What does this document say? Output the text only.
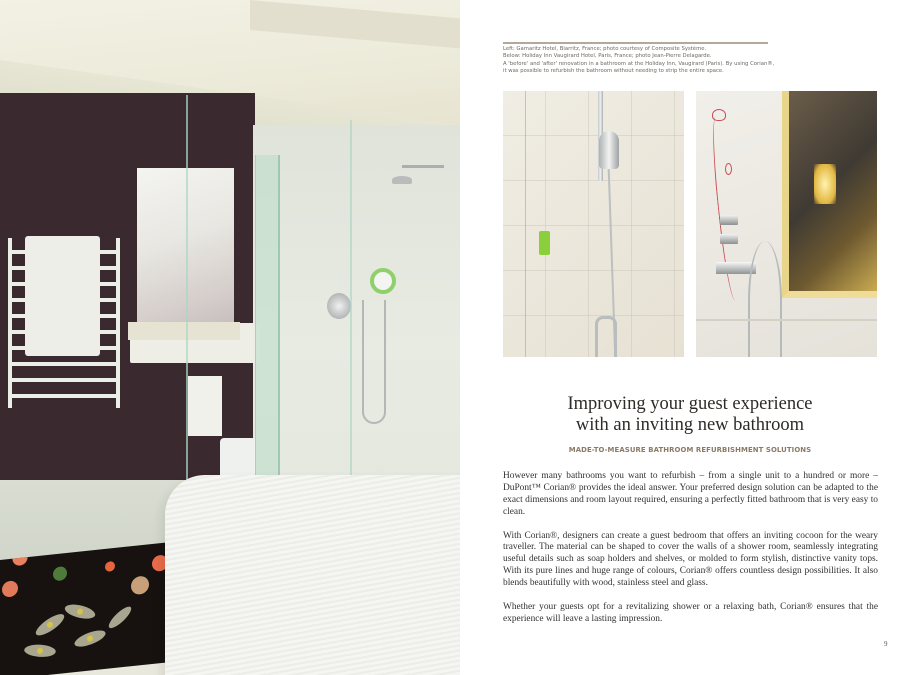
Left: Gamaritz Hotel, Biarritz, France; photo courtesy of Composite Système.
Below: Holiday Inn Vaugirard Hotel, Paris, France; photo Jean-Pierre Delagarde.
A 'before' and 'after' renovation in a bathroom at the Holiday Inn, Vaugirard (Paris). By using Corian®,
it was possible to refurbish the bathroom without needing to strip the entire space.
Improving your guest experience
with an inviting new bathroom
MADE-TO-MEASURE BATHROOM REFURBISHMENT SOLUTIONS

However many bathrooms you want to refurbish – from a single unit to a hundred or more – DuPont™ Corian® provides the ideal answer. Your preferred design solution can be adapted to the exact dimensions and room layout required, ensuring a perfectly fitted bathroom that is very easy to clean.

With Corian®, designers can create a guest bedroom that offers an inviting cocoon for the weary traveller. The material can be shaped to cover the walls of a shower room, seamlessly integrating useful details such as soap holders and shelves, or molded to form stylish, distinctive vanity tops. With its pure lines and huge range of colours, Corian® offers countless design possibilities. It also blends beautifully with wood, stainless steel and glass.

Whether your guests opt for a revitalizing shower or a relaxing bath, Corian® ensures that the experience will leave a lasting impression.

9
